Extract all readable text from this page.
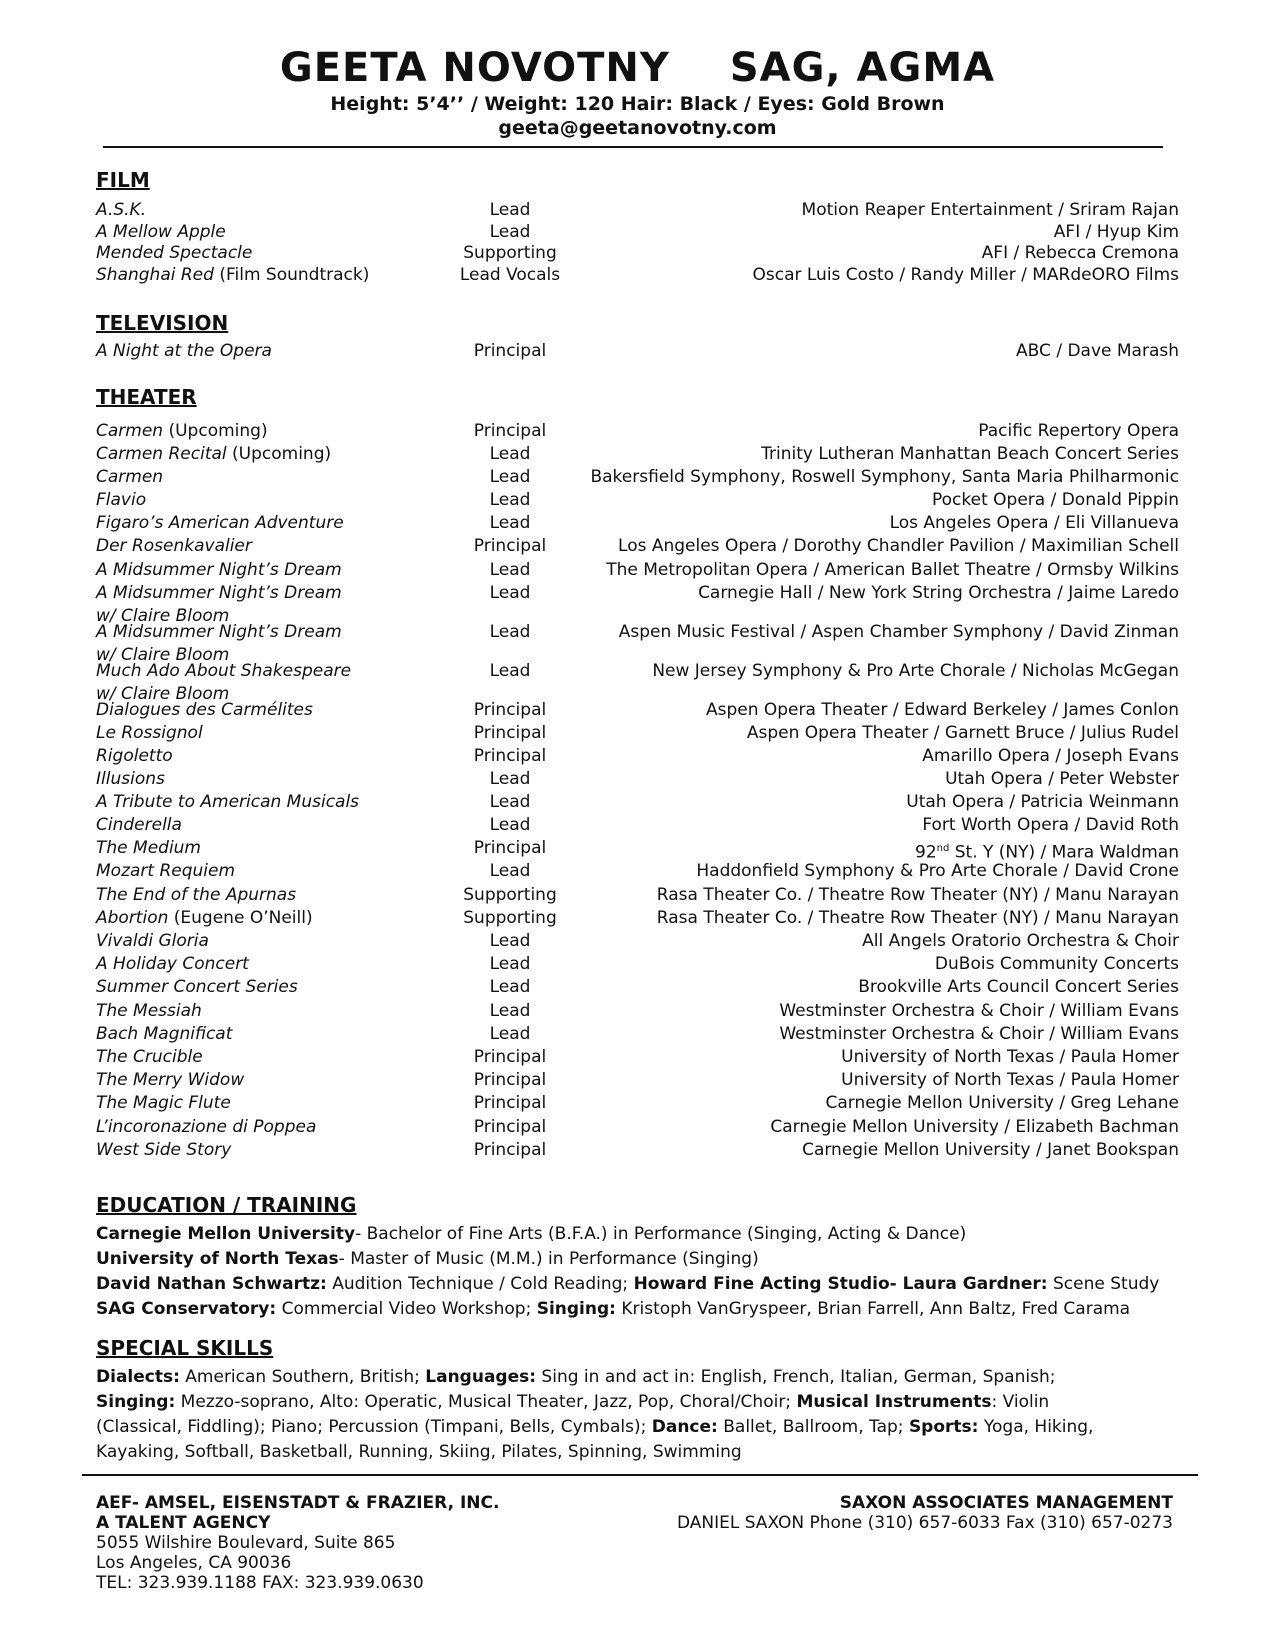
GEETA NOVOTNY SAG, AGMA
Height: 5’4’’ / Weight: 120 Hair: Black / Eyes: Gold Brown
geeta@geetanovotny.com
FILM
A.S.K.	Lead	Motion Reaper Entertainment / Sriram Rajan
A Mellow Apple	Lead	AFI / Hyup Kim
Mended Spectacle	Supporting	AFI / Rebecca Cremona
Shanghai Red (Film Soundtrack)	Lead Vocals	Oscar Luis Costo / Randy Miller / MARdeORO Films
TELEVISION
A Night at the Opera	Principal	ABC / Dave Marash
THEATER
Carmen (Upcoming)	Principal	Pacific Repertory Opera
Carmen Recital (Upcoming)	Lead	Trinity Lutheran Manhattan Beach Concert Series
Carmen	Lead	Bakersfield Symphony, Roswell Symphony, Santa Maria Philharmonic
Flavio	Lead	Pocket Opera / Donald Pippin
Figaro’s American Adventure	Lead	Los Angeles Opera / Eli Villanueva
Der Rosenkavalier	Principal	Los Angeles Opera / Dorothy Chandler Pavilion / Maximilian Schell
A Midsummer Night’s Dream	Lead	The Metropolitan Opera / American Ballet Theatre / Ormsby Wilkins
A Midsummer Night’s Dream
w/ Claire Bloom
Lead	Carnegie Hall / New York String Orchestra / Jaime Laredo
A Midsummer Night’s Dream
w/ Claire Bloom
Lead	Aspen Music Festival / Aspen Chamber Symphony / David Zinman
Much Ado About Shakespeare
w/ Claire Bloom
Lead	New Jersey Symphony & Pro Arte Chorale / Nicholas McGegan
Dialogues des Carmélites	Principal	Aspen Opera Theater / Edward Berkeley / James Conlon
Le Rossignol	Principal	Aspen Opera Theater / Garnett Bruce / Julius Rudel
Rigoletto	Principal	Amarillo Opera / Joseph Evans
Illusions	Lead	Utah Opera / Peter Webster
A Tribute to American Musicals	Lead	Utah Opera / Patricia Weinmann
Cinderella	Lead	Fort Worth Opera / David Roth
The Medium	Principal	92nd St. Y (NY) / Mara Waldman
Mozart Requiem	Lead	Haddonfield Symphony & Pro Arte Chorale / David Crone
The End of the Apurnas	Supporting	Rasa Theater Co. / Theatre Row Theater (NY) / Manu Narayan
Abortion (Eugene O’Neill)	Supporting	Rasa Theater Co. / Theatre Row Theater (NY) / Manu Narayan
Vivaldi Gloria	Lead	All Angels Oratorio Orchestra & Choir
A Holiday Concert	Lead	DuBois Community Concerts
Summer Concert Series	Lead	Brookville Arts Council Concert Series
The Messiah	Lead	Westminster Orchestra & Choir / William Evans
Bach Magnificat	Lead	Westminster Orchestra & Choir / William Evans
The Crucible	Principal	University of North Texas / Paula Homer
The Merry Widow	Principal	University of North Texas / Paula Homer
The Magic Flute	Principal	Carnegie Mellon University / Greg Lehane
L’incoronazione di Poppea	Principal	Carnegie Mellon University / Elizabeth Bachman
West Side Story	Principal	Carnegie Mellon University / Janet Bookspan
EDUCATION / TRAINING
Carnegie Mellon University- Bachelor of Fine Arts (B.F.A.) in Performance (Singing, Acting & Dance)
University of North Texas- Master of Music (M.M.) in Performance (Singing)
David Nathan Schwartz: Audition Technique / Cold Reading; Howard Fine Acting Studio- Laura Gardner: Scene Study
SAG Conservatory: Commercial Video Workshop; Singing: Kristoph VanGryspeer, Brian Farrell, Ann Baltz, Fred Carama
SPECIAL SKILLS
Dialects: American Southern, British; Languages: Sing in and act in: English, French, Italian, German, Spanish; Singing: Mezzo-soprano, Alto: Operatic, Musical Theater, Jazz, Pop, Choral/Choir; Musical Instruments: Violin (Classical, Fiddling); Piano; Percussion (Timpani, Bells, Cymbals); Dance: Ballet, Ballroom, Tap; Sports: Yoga, Hiking, Kayaking, Softball, Basketball, Running, Skiing, Pilates, Spinning, Swimming
AEF- AMSEL, EISENSTADT & FRAZIER, INC.
A TALENT AGENCY
5055 Wilshire Boulevard, Suite 865
Los Angeles, CA 90036
TEL: 323.939.1188 FAX: 323.939.0630
SAXON ASSOCIATES MANAGEMENT
DANIEL SAXON Phone (310) 657-6033 Fax (310) 657-0273
